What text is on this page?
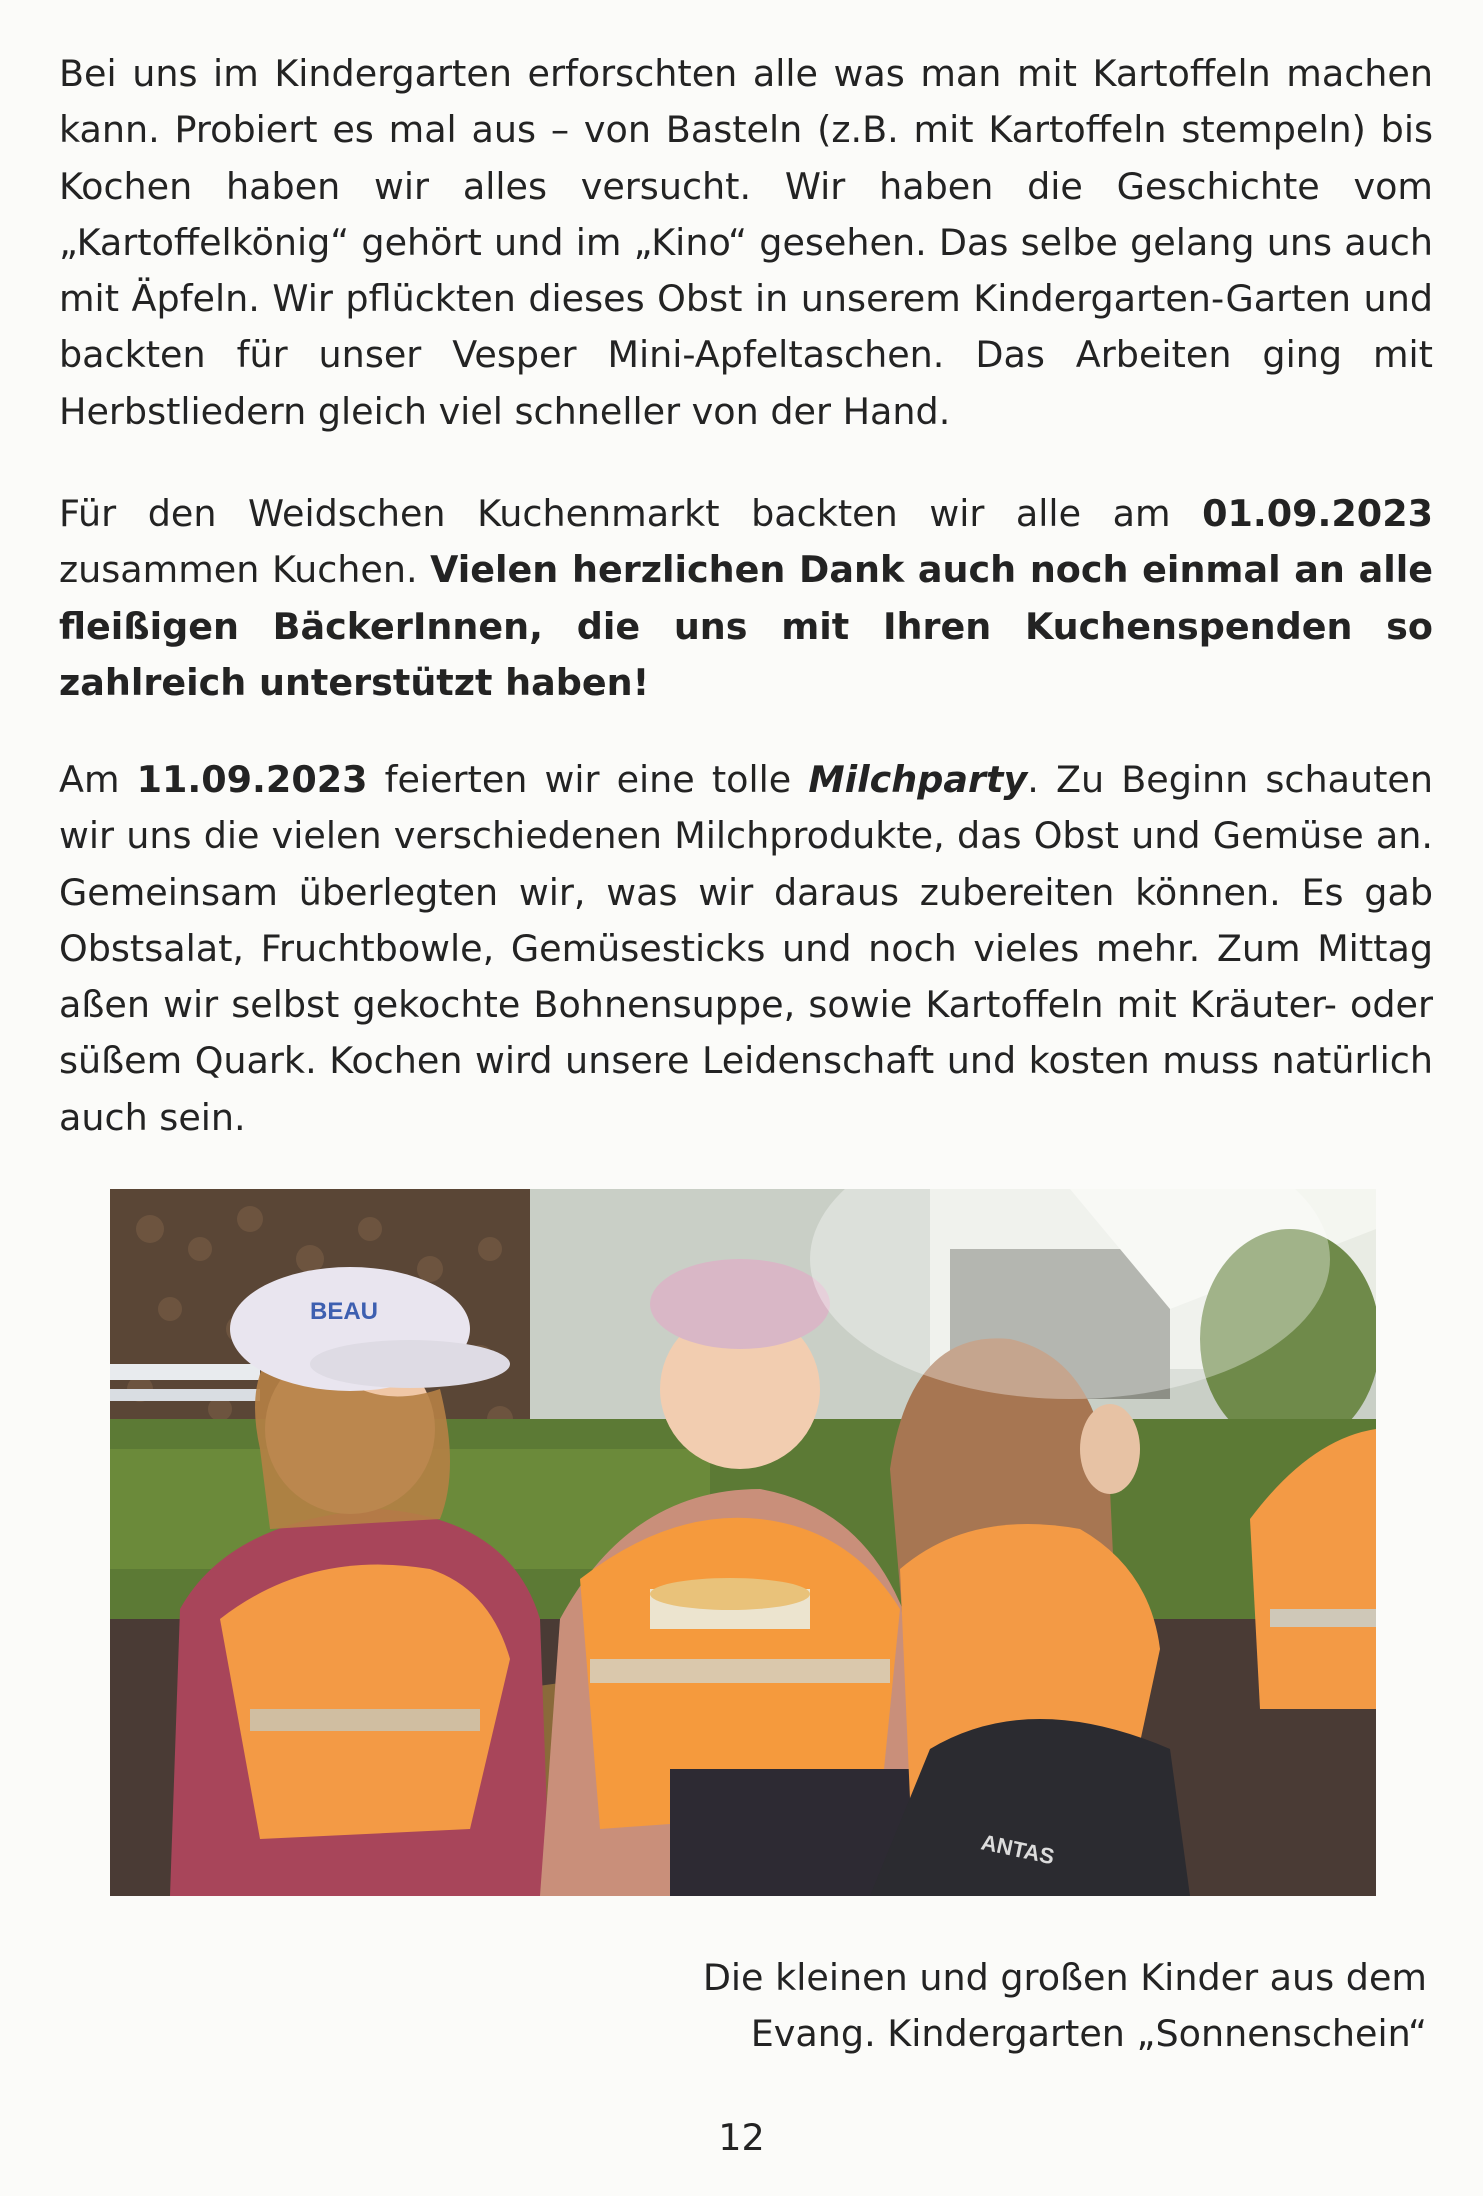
Bei uns im Kindergarten erforschten alle was man mit Kartoffeln machen kann. Probiert es mal aus – von Basteln (z.B. mit Kartoffeln stempeln) bis Kochen haben wir alles versucht. Wir haben die Geschichte vom „Kartoffelkönig“ gehört und im „Kino“ gesehen. Das selbe gelang uns auch mit Äpfeln. Wir pflückten dieses Obst in unserem Kindergarten-Garten und backten für unser Vesper Mini-Apfeltaschen. Das Arbeiten ging mit Herbstliedern gleich viel schneller von der Hand.

Für den Weidschen Kuchenmarkt backten wir alle am 01.09.2023 zusammen Kuchen. Vielen herzlichen Dank auch noch einmal an alle fleißigen BäckerInnen, die uns mit Ihren Kuchenspenden so zahlreich unterstützt haben!

Am 11.09.2023 feierten wir eine tolle Milchparty. Zu Beginn schauten wir uns die vielen verschiedenen Milchprodukte, das Obst und Gemüse an. Gemeinsam überlegten wir, was wir daraus zubereiten können. Es gab Obstsalat, Fruchtbowle, Gemüsesticks und noch vieles mehr. Zum Mittag aßen wir selbst gekochte Bohnensuppe, sowie Kartoffeln mit Kräuter- oder süßem Quark. Kochen wird unsere Leidenschaft und kosten muss natürlich auch sein.

BEAU
ANTAS
Die kleinen und großen Kinder aus dem
Evang. Kindergarten „Sonnenschein“
12
